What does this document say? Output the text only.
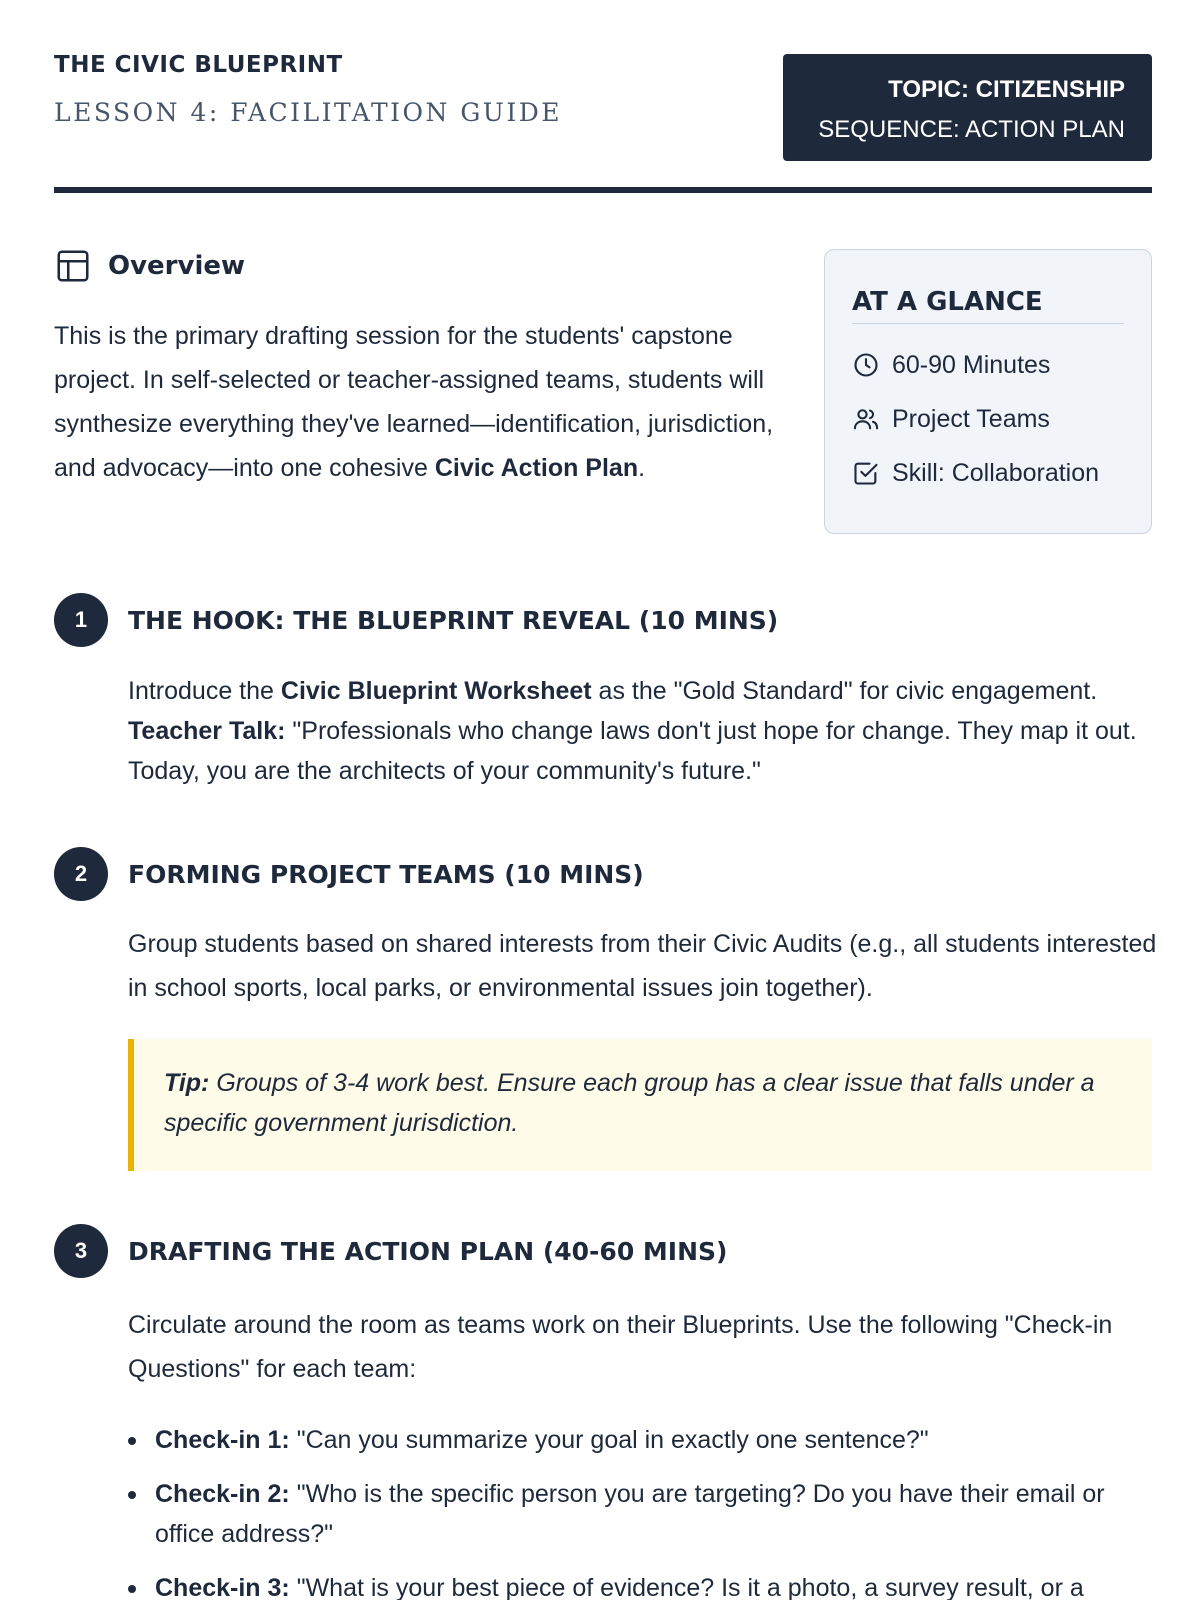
THE CIVIC BLUEPRINT
LESSON 4: FACILITATION GUIDE
TOPIC: CITIZENSHIP
SEQUENCE: ACTION PLAN
Overview

This is the primary drafting session for the students' capstone project. In self-selected or teacher-assigned teams, students will synthesize everything they've learned—identification, jurisdiction, and advocacy—into one cohesive Civic Action Plan.

AT A GLANCE
60-90 Minutes
Project Teams
Skill: Collaboration
1	THE HOOK: THE BLUEPRINT REVEAL (10 MINS)

Introduce the Civic Blueprint Worksheet as the "Gold Standard" for civic engagement.

Teacher Talk: "Professionals who change laws don't just hope for change. They map it out. Today, you are the architects of your community's future."

2	FORMING PROJECT TEAMS (10 MINS)

Group students based on shared interests from their Civic Audits (e.g., all students interested in school sports, local parks, or environmental issues join together).

Tip: Groups of 3-4 work best. Ensure each group has a clear issue that falls under a specific government jurisdiction.
3	DRAFTING THE ACTION PLAN (40-60 MINS)

Circulate around the room as teams work on their Blueprints. Use the following "Check-in Questions" for each team:

Check-in 1: "Can you summarize your goal in exactly one sentence?"
Check-in 2: "Who is the specific person you are targeting? Do you have their email or office address?"
Check-in 3: "What is your best piece of evidence? Is it a photo, a survey result, or a
